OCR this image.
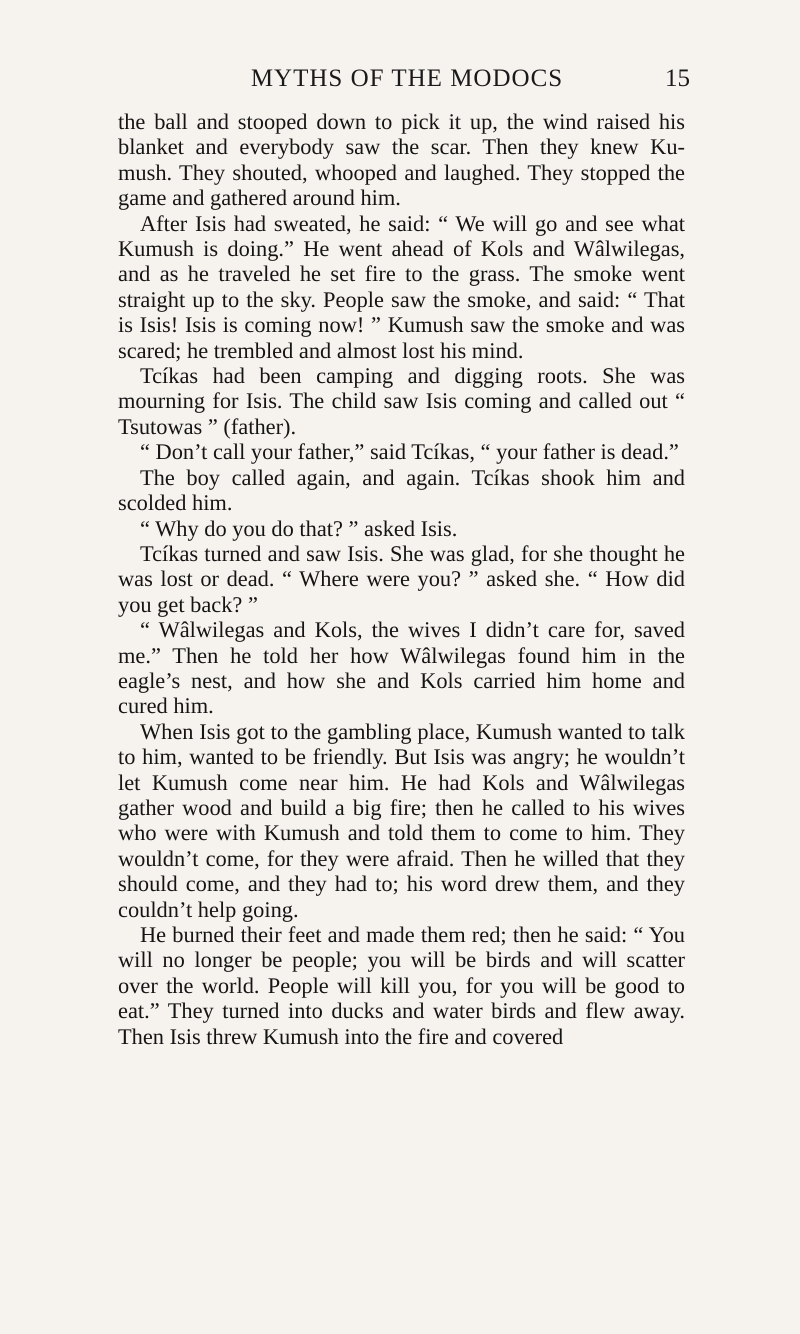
MYTHS OF THE MODOCS	15

the ball and stooped down to pick it up, the wind raised his blanket and everybody saw the scar. Then they knew Ku- mush. They shouted, whooped and laughed. They stopped the game and gathered around him.

After Isis had sweated, he said: “ We will go and see what Kumush is doing.” He went ahead of Kols and Wâlwilegas, and as he traveled he set fire to the grass. The smoke went straight up to the sky. People saw the smoke, and said: “ That is Isis! Isis is coming now! ” Kumush saw the smoke and was scared; he trembled and almost lost his mind.

Tcíkas had been camping and digging roots. She was mourning for Isis. The child saw Isis coming and called out “ Tsutowas ” (father).

“ Don’t call your father,” said Tcíkas, “ your father is dead.”

The boy called again, and again. Tcíkas shook him and scolded him.

“ Why do you do that? ” asked Isis.

Tcíkas turned and saw Isis. She was glad, for she thought he was lost or dead. “ Where were you? ” asked she. “ How did you get back? ”

“ Wâlwilegas and Kols, the wives I didn’t care for, saved me.” Then he told her how Wâlwilegas found him in the eagle’s nest, and how she and Kols carried him home and cured him.

When Isis got to the gambling place, Kumush wanted to talk to him, wanted to be friendly. But Isis was angry; he wouldn’t let Kumush come near him. He had Kols and Wâlwilegas gather wood and build a big fire; then he called to his wives who were with Kumush and told them to come to him. They wouldn’t come, for they were afraid. Then he willed that they should come, and they had to; his word drew them, and they couldn’t help going.

He burned their feet and made them red; then he said: “ You will no longer be people; you will be birds and will scatter over the world. People will kill you, for you will be good to eat.” They turned into ducks and water birds and flew away. Then Isis threw Kumush into the fire and covered
